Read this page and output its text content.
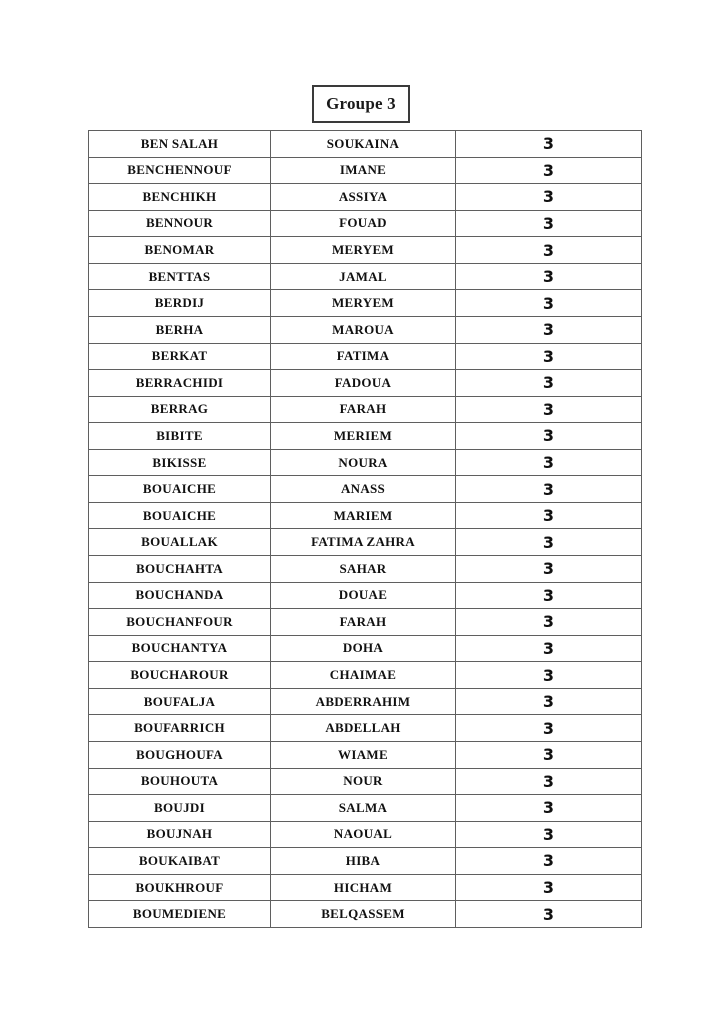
Groupe 3
BEN SALAH	SOUKAINA	3
BENCHENNOUF	IMANE	3
BENCHIKH	ASSIYA	3
BENNOUR	FOUAD	3
BENOMAR	MERYEM	3
BENTTAS	JAMAL	3
BERDIJ	MERYEM	3
BERHA	MAROUA	3
BERKAT	FATIMA	3
BERRACHIDI	FADOUA	3
BERRAG	FARAH	3
BIBITE	MERIEM	3
BIKISSE	NOURA	3
BOUAICHE	ANASS	3
BOUAICHE	MARIEM	3
BOUALLAK	FATIMA ZAHRA	3
BOUCHAHTA	SAHAR	3
BOUCHANDA	DOUAE	3
BOUCHANFOUR	FARAH	3
BOUCHANTYA	DOHA	3
BOUCHAROUR	CHAIMAE	3
BOUFALJA	ABDERRAHIM	3
BOUFARRICH	ABDELLAH	3
BOUGHOUFA	WIAME	3
BOUHOUTA	NOUR	3
BOUJDI	SALMA	3
BOUJNAH	NAOUAL	3
BOUKAIBAT	HIBA	3
BOUKHROUF	HICHAM	3
BOUMEDIENE	BELQASSEM	3
